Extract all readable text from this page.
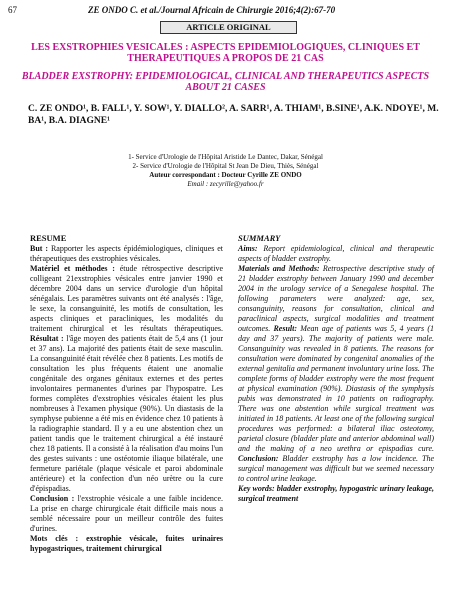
67	ZE ONDO C. et al./Journal Africain de Chirurgie 2016;4(2):67-70
ARTICLE ORIGINAL
LES EXSTROPHIES VESICALES : ASPECTS EPIDEMIOLOGIQUES, CLINIQUES ET THERAPEUTIQUES A PROPOS DE 21 CAS
BLADDER EXSTROPHY: EPIDEMIOLOGICAL, CLINICAL AND THERAPEUTICS ASPECTS ABOUT 21 CASES
C. ZE ONDO¹, B. FALL¹, Y. SOW¹, Y. DIALLO², A. SARR¹, A. THIAM¹, B.SINE¹, A.K. NDOYE¹, M. BA¹, B.A. DIAGNE¹
1- Service d'Urologie de l'Hôpital Aristide Le Dantec, Dakar, Sénégal
2- Service d'Urologie de l'Hôpital St Jean De Dieu, Thiès, Sénégal
Auteur correspondant : Docteur Cyrille ZE ONDO
Email : zecyrille@yahoo.fr
RESUME

But : Rapporter les aspects épidémiologiques, cliniques et thérapeutiques des exstrophies vésicales.

Matériel et méthodes : étude rétrospective descriptive colligeant 21exstrophies vésicales entre janvier 1990 et décembre 2004 dans un service d'urologie d'un hôpital sénégalais. Les paramètres suivants ont été analysés : l'âge, le sexe, la consanguinité, les motifs de consultation, les aspects cliniques et paracliniques, les modalités du traitement chirurgical et les résultats thérapeutiques. Résultat : l'âge moyen des patients était de 5,4 ans (1 jour et 37 ans). La majorité des patients était de sexe masculin. La consanguinité était révélée chez 8 patients. Les motifs de consultation les plus fréquents étaient une anomalie congénitale des organes génitaux externes et des pertes involontaires permanentes d'urines par l'hypospatre. Les formes complètes d'exstrophies vésicales étaient les plus nombreuses à l'examen physique (90%). Un diastasis de la symphyse pubienne a été mis en évidence chez 10 patients à la radiographie standard. Il y a eu une abstention chez un patient tandis que le traitement chirurgical a été instauré chez 18 patients. Il a consisté à la réalisation d'au moins l'un des gestes suivants : une ostéotomie iliaque bilatérale, une fermeture pariétale (plaque vésicale et paroi abdominale antérieure) et la confection d'un néo urètre ou la cure d'épispadias.

Conclusion : l'exstrophie vésicale a une faible incidence. La prise en charge chirurgicale était difficile mais nous a semblé nécessaire pour un meilleur contrôle des fuites d'urines.

Mots clés : exstrophie vésicale, fuites urinaires hypogastriques, traitement chirurgical

SUMMARY

Aims: Report epidemiological, clinical and therapeutic aspects of bladder exstrophy.

Materials and Methods: Retrospective descriptive study of 21 bladder exstrophy between January 1990 and december 2004 in the urology service of a Senegalese hospital. The following parameters were analyzed: age, sex, consanguinity, reasons for consultation, clinical and paraclinical aspects, surgical modalities and treatment outcomes. Result: Mean age of patients was 5, 4 years (1 day and 37 years). The majority of patients were male. Consanguinity was revealed in 8 patients. The reasons for consultation were dominated by congenital anomalies of the external genitalia and permanent involuntary urine loss. The complete forms of bladder exstrophy were the most frequent at physical examination (90%). Diastasis of the symphysis pubis was demonstrated in 10 patients on radiography. There was one abstention while surgical treatment was initiated in 18 patients. At least one of the following surgical procedures was performed: a bilateral iliac osteotomy, parietal closure (bladder plate and anterior abdominal wall) and the making of a neo urethra or epispadias cure. Conclusion: Bladder exstrophy has a low incidence. The surgical management was difficult but we seemed necessary to control urine leakage.

Key words: bladder exstrophy, hypogastric urinary leakage, surgical treatment
